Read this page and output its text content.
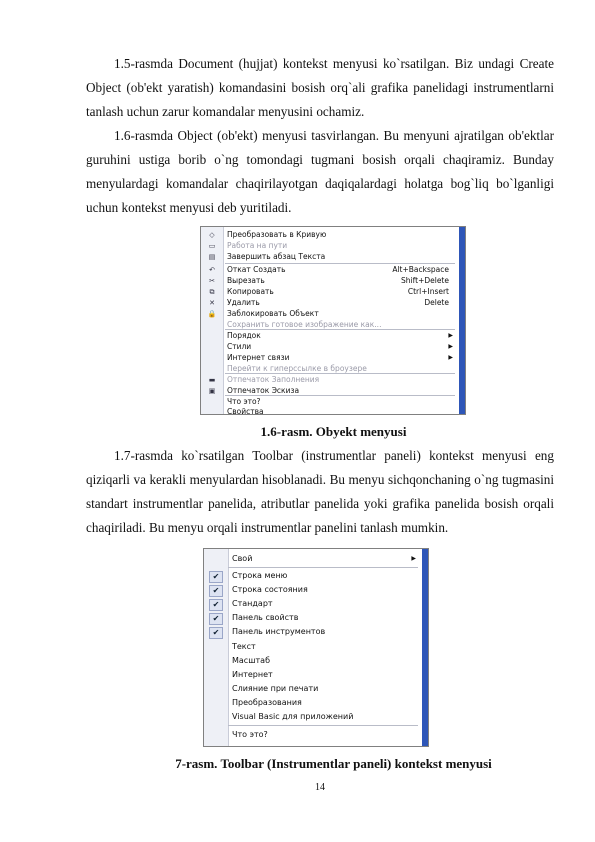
1.5-rasmda Document (hujjat) kontekst menyusi ko`rsatilgan. Biz undagi Create Object (ob'ekt yaratish) komandasini bosish orq`ali grafika panelidagi instrumentlarni tanlash uchun zarur komandalar menyusini ochamiz.

1.6-rasmda Object (ob'ekt) menyusi tasvirlangan. Bu menyuni ajratilgan ob'ektlar guruhini ustiga borib o`ng tomondagi tugmani bosish orqali chaqiramiz. Bunday menyulardagi komandalar chaqirilayotgan daqiqalardagi holatga bog`liq bo`lganligi uchun kontekst menyusi deb yuritiladi.

◇	Преобразовать в Кривую
▭ Работа на пути
▤ Завершить абзац Текста
↶ Откат Создать	Alt+Backspace
✂ Вырезать	Shift+Delete
⧉	Копировать	Ctrl+Insert
✕ Удалить	Delete
🔒 Заблокировать Объект
Сохранить готовое изображение как...
Порядок	▶
Стили	▶
Интернет связи	▶
Перейти к гиперссылке в броузере
▬ Отпечаток Заполнения
▣ Отпечаток Эскиза
Что это?
Свойства
1.6-rasm. Obyekt menyusi

1.7-rasmda ko`rsatilgan Toolbar (instrumentlar paneli) kontekst menyusi eng qiziqarli va kerakli menyulardan hisoblanadi. Bu menyu sichqonchaning o`ng tugmasini standart instrumentlar panelida, atributlar panelida yoki grafika panelida bosish orqali chaqiriladi. Bu menyu orqali instrumentlar panelini tanlash mumkin.

Свой	▶
✔	Строка меню
✔	Строка состояния
✔	Стандарт
✔	Панель свойств
✔	Панель инструментов
Текст
Масштаб
Интернет
Слияние при печати
Преобразования
Visual Basic для приложений
Что это?
7-rasm. Toolbar (Instrumentlar paneli) kontekst menyusi
14
